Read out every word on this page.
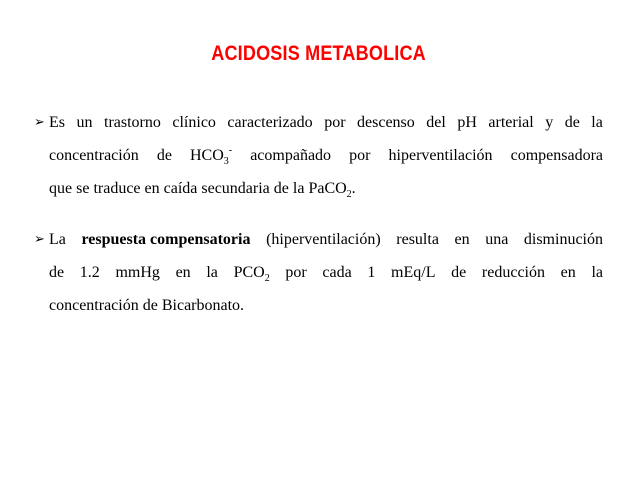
ACIDOSIS METABOLICA
➢ Es un trastorno clínico caracterizado por descenso del pH arterial y de la
concentración de $HCO_3^-$ acompañado por hiperventilación compensadora
que se traduce en caída secundaria de la PaCO$_2$.
➢ La respuesta compensatoria (hiperventilación) resulta en una disminución
de 1.2 mmHg en la $PCO_2$ por cada 1 mEq/L de reducción en la
concentración de Bicarbonato.
